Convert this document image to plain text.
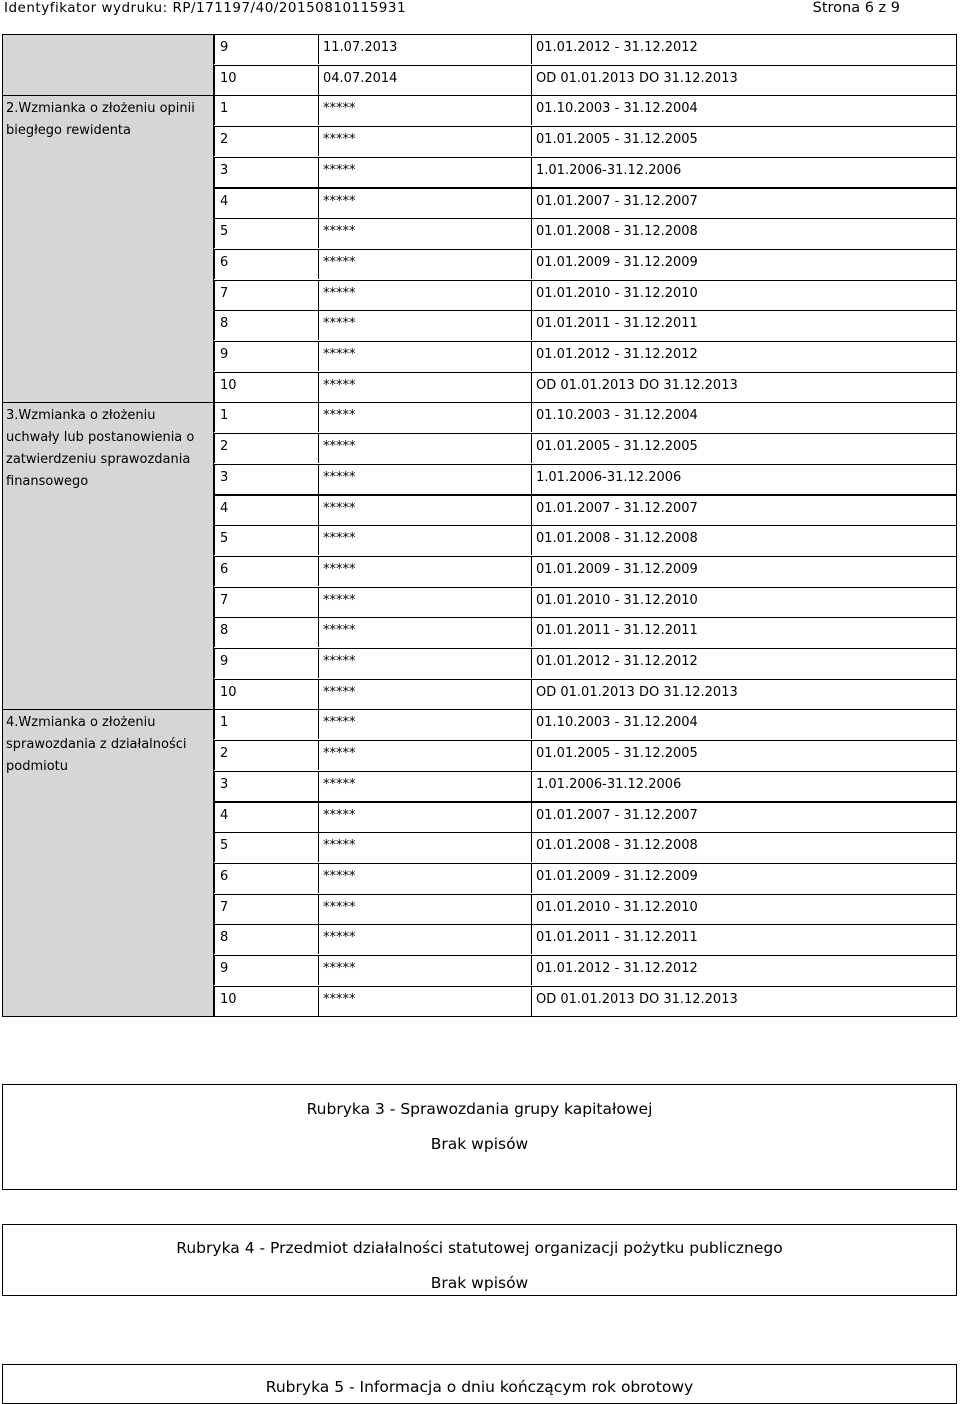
Identyfikator wydruku: RP/171197/40/20150810115931	Strona 6 z 9
9	11.07.2013	01.01.2012 - 31.12.2012
10	04.07.2014	OD 01.01.2013 DO 31.12.2013
2.Wzmianka o złożeniu opinii biegłego rewidenta
1	*****	01.10.2003 - 31.12.2004
2	*****	01.01.2005 - 31.12.2005
3	*****	1.01.2006-31.12.2006
4	*****	01.01.2007 - 31.12.2007
5	*****	01.01.2008 - 31.12.2008
6	*****	01.01.2009 - 31.12.2009
7	*****	01.01.2010 - 31.12.2010
8	*****	01.01.2011 - 31.12.2011
9	*****	01.01.2012 - 31.12.2012
10	*****	OD 01.01.2013 DO 31.12.2013
3.Wzmianka o złożeniu uchwały lub postanowienia o zatwierdzeniu sprawozdania finansowego
1	*****	01.10.2003 - 31.12.2004
2	*****	01.01.2005 - 31.12.2005
3	*****	1.01.2006-31.12.2006
4	*****	01.01.2007 - 31.12.2007
5	*****	01.01.2008 - 31.12.2008
6	*****	01.01.2009 - 31.12.2009
7	*****	01.01.2010 - 31.12.2010
8	*****	01.01.2011 - 31.12.2011
9	*****	01.01.2012 - 31.12.2012
10	*****	OD 01.01.2013 DO 31.12.2013
4.Wzmianka o złożeniu sprawozdania z działalności podmiotu
1	*****	01.10.2003 - 31.12.2004
2	*****	01.01.2005 - 31.12.2005
3	*****	1.01.2006-31.12.2006
4	*****	01.01.2007 - 31.12.2007
5	*****	01.01.2008 - 31.12.2008
6	*****	01.01.2009 - 31.12.2009
7	*****	01.01.2010 - 31.12.2010
8	*****	01.01.2011 - 31.12.2011
9	*****	01.01.2012 - 31.12.2012
10	*****	OD 01.01.2013 DO 31.12.2013
Rubryka 3 - Sprawozdania grupy kapitałowej
Brak wpisów
Rubryka 4 - Przedmiot działalności statutowej organizacji pożytku publicznego
Brak wpisów
Rubryka 5 - Informacja o dniu kończącym rok obrotowy
